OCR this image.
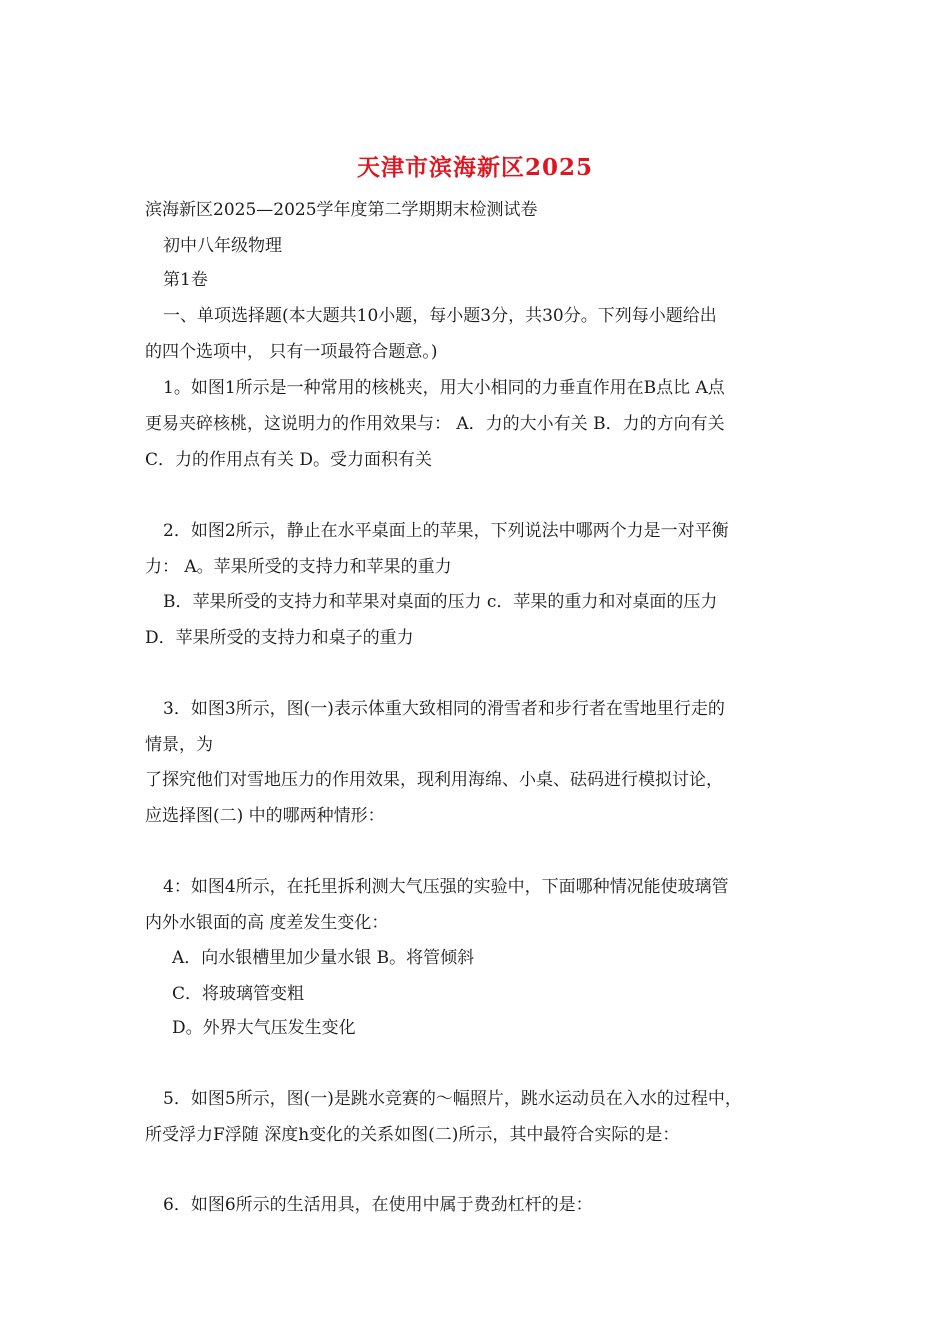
天津市滨海新区2025
滨海新区2025—2025学年度第二学期期末检测试卷
初中八年级物理
第1卷
一、单项选择题(本大题共10小题，每小题3分，共30分。下列每小题给出
的四个选项中， 只有一项最符合题意。)
1。如图1所示是一种常用的核桃夹，用大小相同的力垂直作用在B点比 A点
更易夹碎核桃，这说明力的作用效果与： A．力的大小有关 B．力的方向有关
C．力的作用点有关 D。受力面积有关
2．如图2所示，静止在水平桌面上的苹果，下列说法中哪两个力是一对平衡
力： A。苹果所受的支持力和苹果的重力
B．苹果所受的支持力和苹果对桌面的压力 c．苹果的重力和对桌面的压力
D．苹果所受的支持力和桌子的重力
3．如图3所示，图(一)表示体重大致相同的滑雪者和步行者在雪地里行走的
情景，为
了探究他们对雪地压力的作用效果，现利用海绵、小桌、砝码进行模拟讨论，
应选择图(二) 中的哪两种情形：
4：如图4所示，在托里拆利测大气压强的实验中，下面哪种情况能使玻璃管
内外水银面的高 度差发生变化：
A．向水银槽里加少量水银 B。将管倾斜
C．将玻璃管变粗
D。外界大气压发生变化
5．如图5所示，图(一)是跳水竞赛的～幅照片，跳水运动员在入水的过程中，
所受浮力F浮随 深度h变化的关系如图(二)所示，其中最符合实际的是：
6．如图6所示的生活用具，在使用中属于费劲杠杆的是：
